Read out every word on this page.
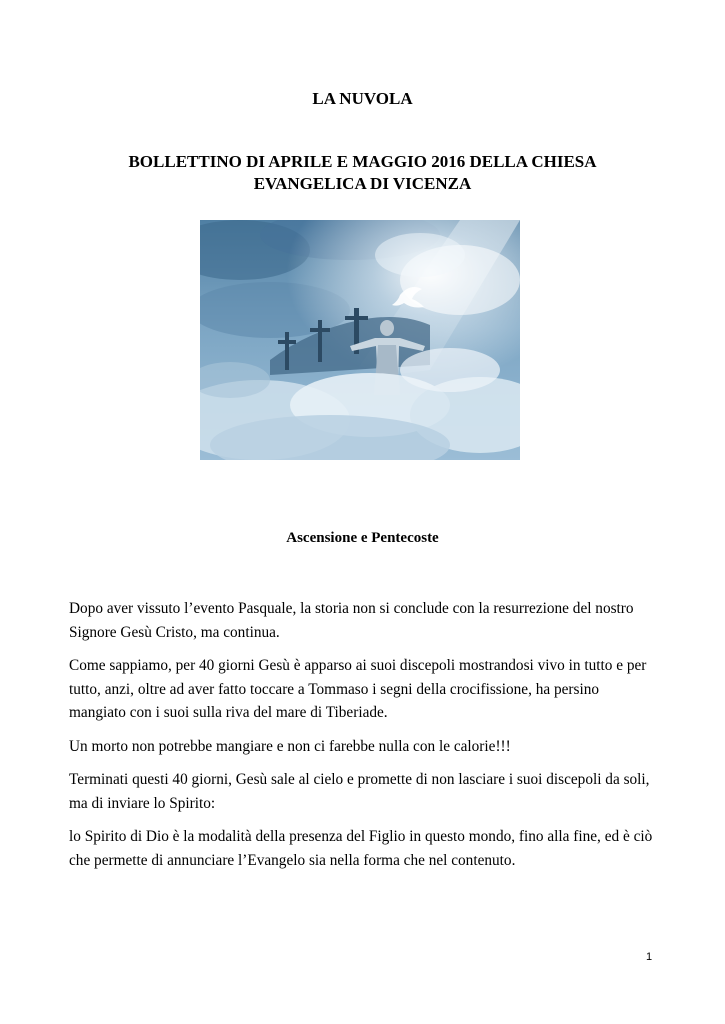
LA NUVOLA
BOLLETTINO DI APRILE E MAGGIO 2016 DELLA CHIESA
EVANGELICA DI VICENZA
Ascensione e Pentecoste

Dopo aver vissuto l’evento Pasquale, la storia non si conclude con la resurrezione del nostro Signore Gesù Cristo, ma continua.

Come sappiamo, per 40 giorni Gesù è apparso ai suoi discepoli mostrandosi vivo in tutto e per tutto, anzi, oltre ad aver fatto toccare a Tommaso i segni della crocifissione, ha persino mangiato con i suoi sulla riva del mare di Tiberiade.

Un morto non potrebbe mangiare e non ci farebbe nulla con le calorie!!!

Terminati questi 40 giorni, Gesù sale al cielo e promette di non lasciare i suoi discepoli da soli, ma di inviare lo Spirito:

lo Spirito di Dio è la modalità della presenza del Figlio in questo mondo, fino alla fine, ed è ciò che permette di annunciare l’Evangelo sia nella forma che nel contenuto.

1
